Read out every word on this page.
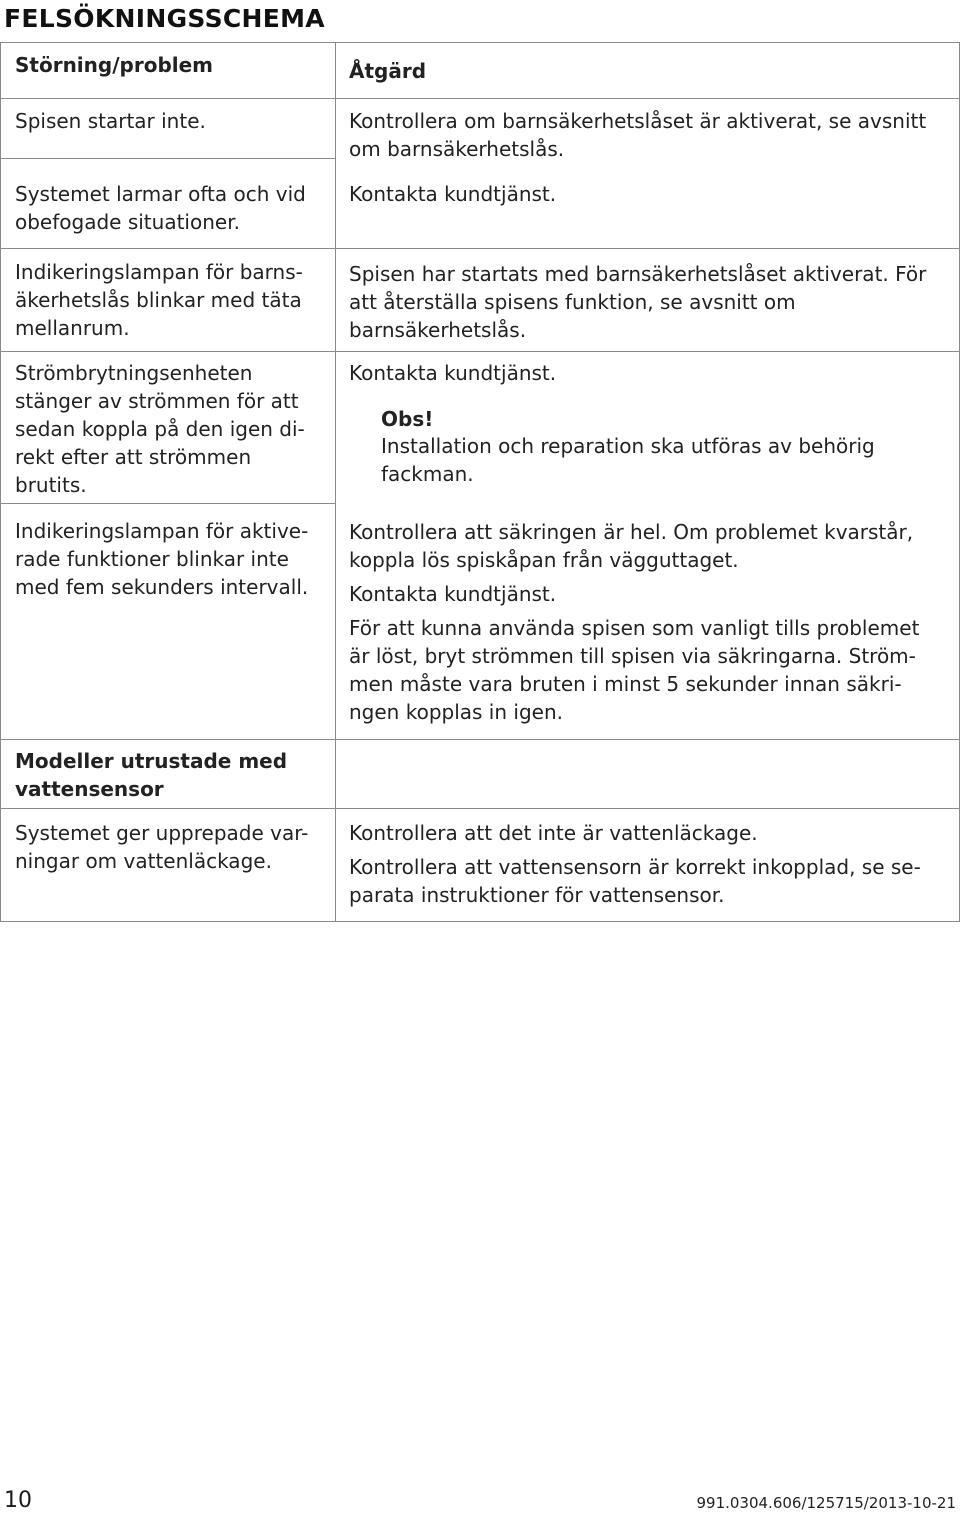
FELSÖKNINGSSCHEMA
Störning/problem	Åtgärd
Spisen startar inte.
Systemet larmar ofta och vid
obefogade situationer.
Indikeringslampan för barns-
äkerhetslås blinkar med täta
mellanrum.
Strömbrytningsenheten
stänger av strömmen för att
sedan koppla på den igen di-
rekt efter att strömmen
brutits.
Indikeringslampan för aktive-
rade funktioner blinkar inte
med fem sekunders intervall.
Kontrollera om barnsäkerhetslåset är aktiverat, se avsnitt
om barnsäkerhetslås.
Kontakta kundtjänst.
Spisen har startats med barnsäkerhetslåset aktiverat. För
att återställa spisens funktion, se avsnitt om
barnsäkerhetslås.
Kontakta kundtjänst.
Obs!
Installation och reparation ska utföras av behörig
fackman.
Kontrollera att säkringen är hel. Om problemet kvarstår,
koppla lös spiskåpan från vägguttaget.
Kontakta kundtjänst.
För att kunna använda spisen som vanligt tills problemet
är löst, bryt strömmen till spisen via säkringarna. Ström-
men måste vara bruten i minst 5 sekunder innan säkri-
ngen kopplas in igen.
Modeller utrustade med
vattensensor
Systemet ger upprepade var-
ningar om vattenläckage.
Kontrollera att det inte är vattenläckage.
Kontrollera att vattensensorn är korrekt inkopplad, se se-
parata instruktioner för vattensensor.
10	991.0304.606/125715/2013-10-21
